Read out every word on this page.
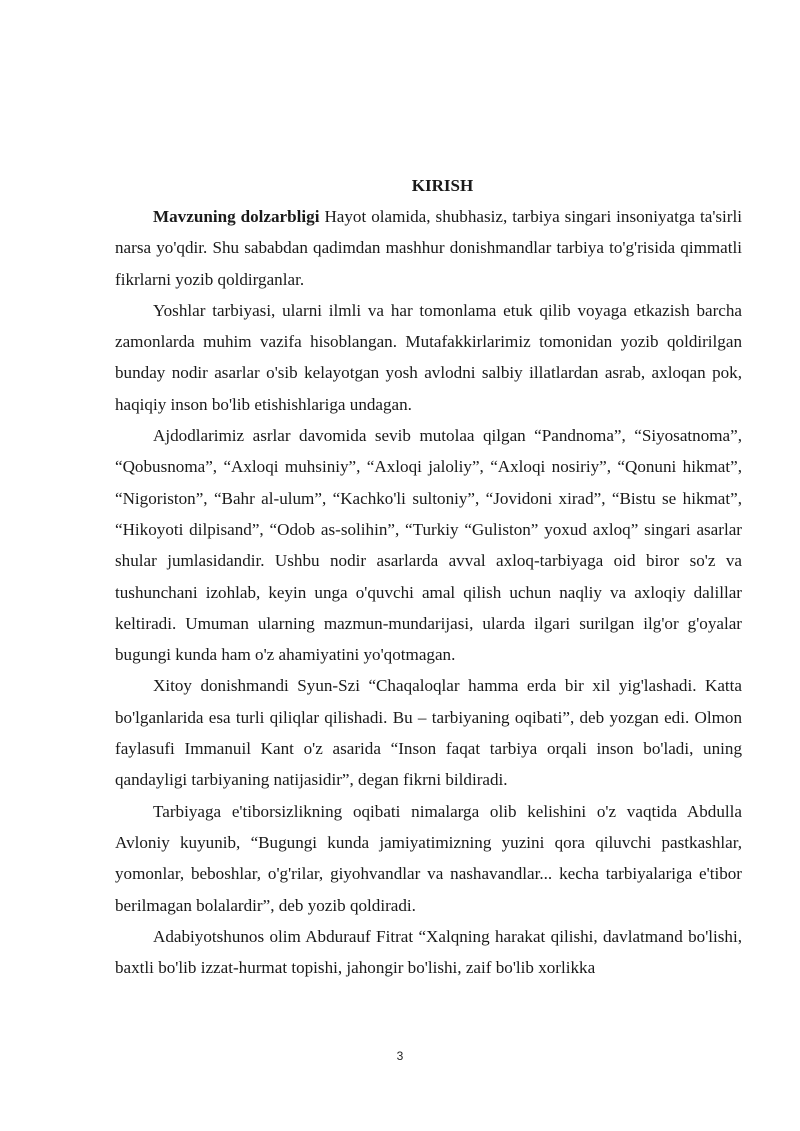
KIRISH

Mavzuning dolzarbligi Hayot olamida, shubhasiz, tarbiya singari insoniyatga ta'sirli narsa yo'qdir. Shu sababdan qadimdan mashhur donishmandlar tarbiya to'g'risida qimmatli fikrlarni yozib qoldirganlar.

Yoshlar tarbiyasi, ularni ilmli va har tomonlama etuk qilib voyaga etkazish barcha zamonlarda muhim vazifa hisoblangan. Mutafakkirlarimiz tomonidan yozib qoldirilgan bunday nodir asarlar o'sib kelayotgan yosh avlodni salbiy illatlardan asrab, axloqan pok, haqiqiy inson bo'lib etishishlariga undagan.

Ajdodlarimiz asrlar davomida sevib mutolaa qilgan “Pandnoma”, “Siyosatnoma”, “Qobusnoma”, “Axloqi muhsiniy”, “Axloqi jaloliy”, “Axloqi nosiriy”, “Qonuni hikmat”, “Nigoriston”, “Bahr al-ulum”, “Kachko'li sultoniy”, “Jovidoni xirad”, “Bistu se hikmat”, “Hikoyoti dilpisand”, “Odob as-solihin”, “Turkiy “Guliston” yoxud axloq” singari asarlar shular jumlasidandir. Ushbu nodir asarlarda avval axloq-tarbiyaga oid biror so'z va tushunchani izohlab, keyin unga o'quvchi amal qilish uchun naqliy va axloqiy dalillar keltiradi. Umuman ularning mazmun-mundarijasi, ularda ilgari surilgan ilg'or g'oyalar bugungi kunda ham o'z ahamiyatini yo'qotmagan.

Xitoy donishmandi Syun-Szi “Chaqaloqlar hamma erda bir xil yig'lashadi. Katta bo'lganlarida esa turli qiliqlar qilishadi. Bu – tarbiyaning oqibati”, deb yozgan edi. Olmon faylasufi Immanuil Kant o'z asarida “Inson faqat tarbiya orqali inson bo'ladi, uning qandayligi tarbiyaning natijasidir”, degan fikrni bildiradi.

Tarbiyaga e'tiborsizlikning oqibati nimalarga olib kelishini o'z vaqtida Abdulla Avloniy kuyunib, “Bugungi kunda jamiyatimizning yuzini qora qiluvchi pastkashlar, yomonlar, beboshlar, o'g'rilar, giyohvandlar va nashavandlar... kecha tarbiyalariga e'tibor berilmagan bolalardir”, deb yozib qoldiradi.

Adabiyotshunos olim Abdurauf Fitrat “Xalqning harakat qilishi, davlatmand bo'lishi, baxtli bo'lib izzat-hurmat topishi, jahongir bo'lishi, zaif bo'lib xorlikka

3
